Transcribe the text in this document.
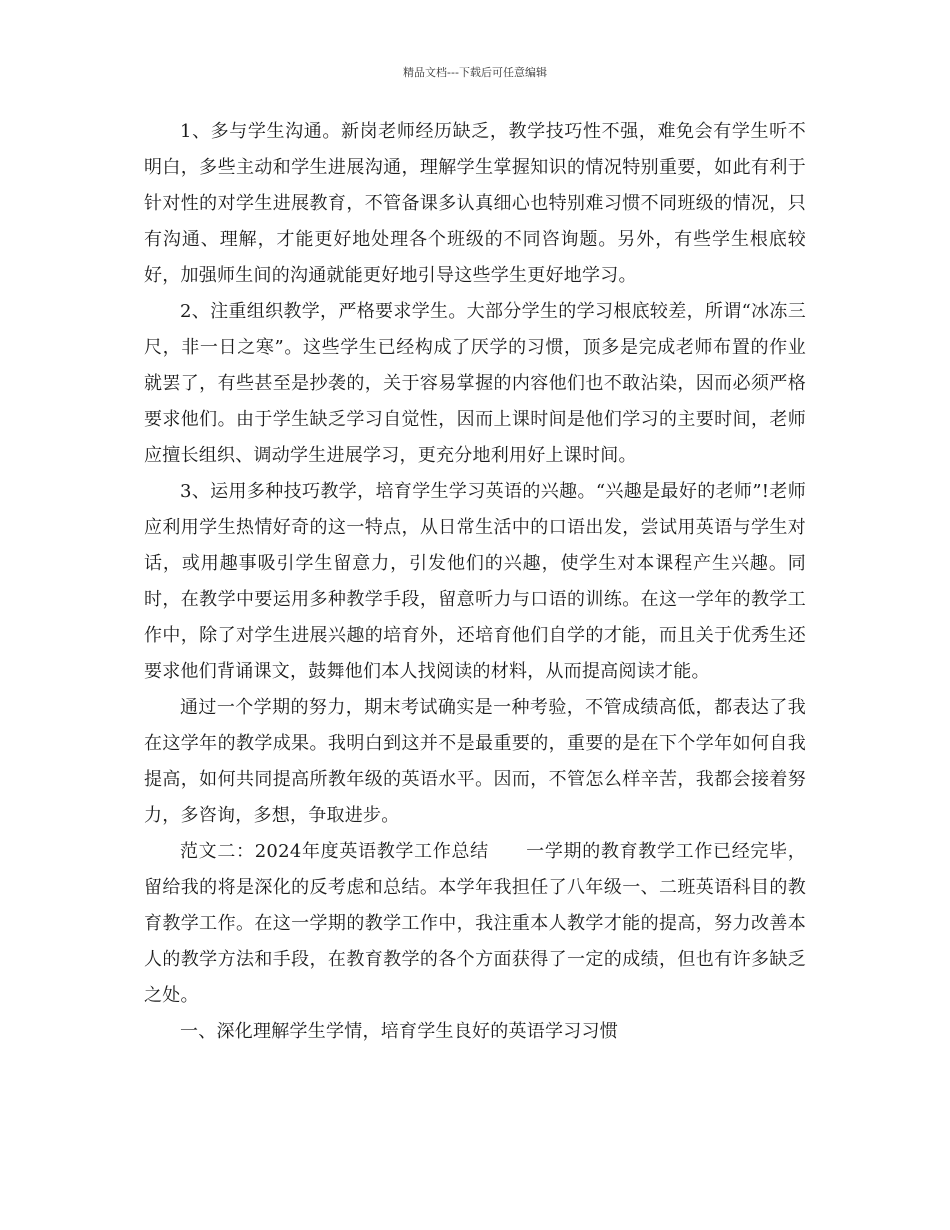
精品文档---下载后可任意编辑

1、多与学生沟通。新岗老师经历缺乏，教学技巧性不强，难免会有学生听不明白，多些主动和学生进展沟通，理解学生掌握知识的情况特别重要，如此有利于针对性的对学生进展教育，不管备课多认真细心也特别难习惯不同班级的情况，只有沟通、理解，才能更好地处理各个班级的不同咨询题。另外，有些学生根底较好，加强师生间的沟通就能更好地引导这些学生更好地学习。

2、注重组织教学，严格要求学生。大部分学生的学习根底较差，所谓“冰冻三尺，非一日之寒”。这些学生已经构成了厌学的习惯，顶多是完成老师布置的作业就罢了，有些甚至是抄袭的，关于容易掌握的内容他们也不敢沾染，因而必须严格要求他们。由于学生缺乏学习自觉性，因而上课时间是他们学习的主要时间，老师应擅长组织、调动学生进展学习，更充分地利用好上课时间。

3、运用多种技巧教学，培育学生学习英语的兴趣。“兴趣是最好的老师”!老师应利用学生热情好奇的这一特点，从日常生活中的口语出发，尝试用英语与学生对话，或用趣事吸引学生留意力，引发他们的兴趣，使学生对本课程产生兴趣。同时，在教学中要运用多种教学手段，留意听力与口语的训练。在这一学年的教学工作中，除了对学生进展兴趣的培育外，还培育他们自学的才能，而且关于优秀生还要求他们背诵课文，鼓舞他们本人找阅读的材料，从而提高阅读才能。

通过一个学期的努力，期末考试确实是一种考验，不管成绩高低，都表达了我在这学年的教学成果。我明白到这并不是最重要的，重要的是在下个学年如何自我提高，如何共同提高所教年级的英语水平。因而，不管怎么样辛苦，我都会接着努力，多咨询，多想，争取进步。

范文二：2024年度英语教学工作总结　　一学期的教育教学工作已经完毕，留给我的将是深化的反考虑和总结。本学年我担任了八年级一、二班英语科目的教育教学工作。在这一学期的教学工作中，我注重本人教学才能的提高，努力改善本人的教学方法和手段，在教育教学的各个方面获得了一定的成绩，但也有许多缺乏之处。

一、深化理解学生学情，培育学生良好的英语学习习惯
